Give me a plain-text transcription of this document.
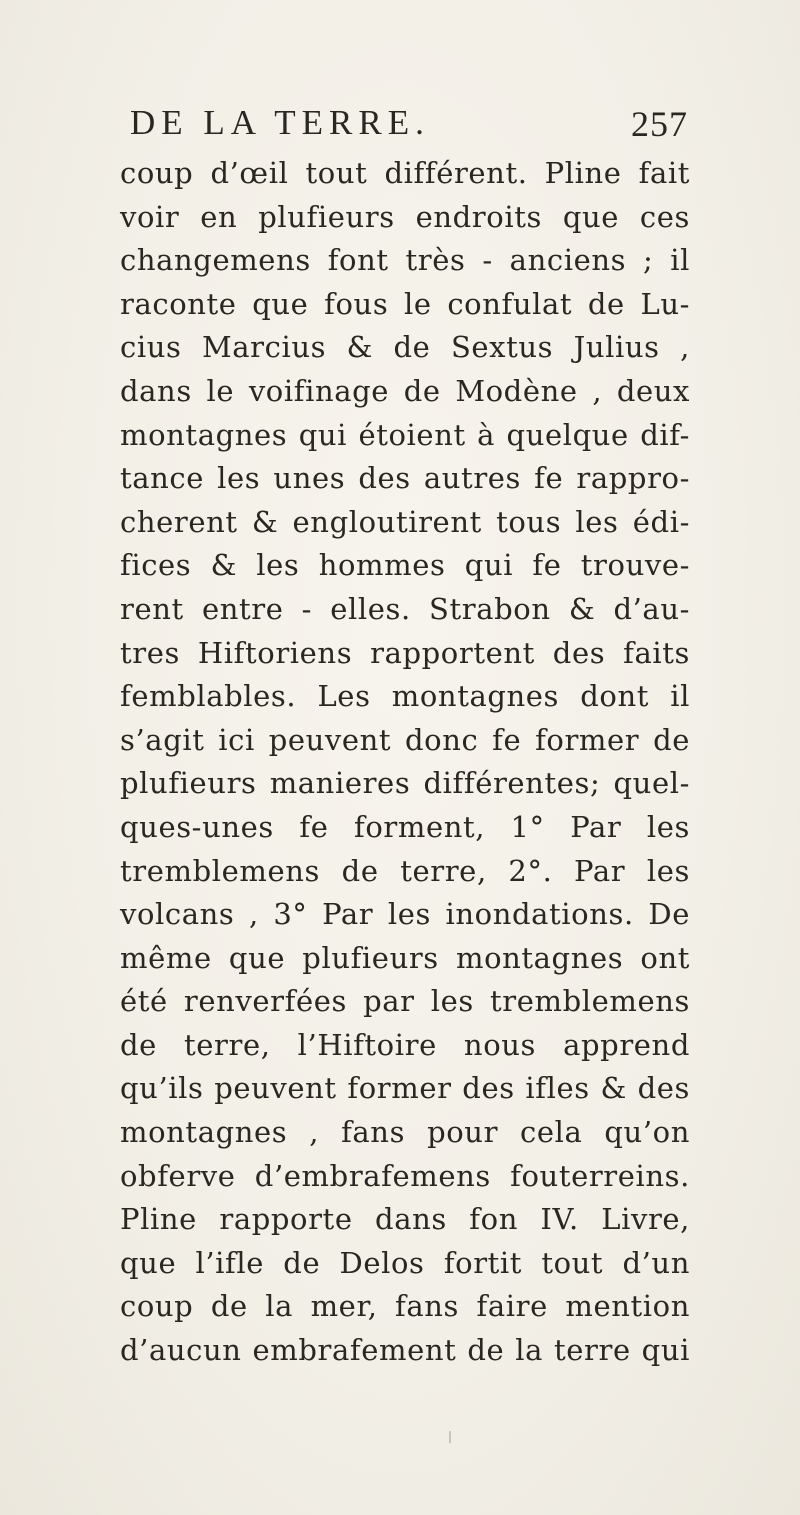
DE LA TERRE.	257
coup d’œil tout différent. Pline fait
voir en plufieurs endroits que ces
changemens font très - anciens ; il
raconte que fous le confulat de Lu-
cius Marcius & de Sextus Julius ,
dans le voifinage de Modène , deux
montagnes qui étoient à quelque dif-
tance les unes des autres fe rappro-
cherent & engloutirent tous les édi-
fices & les hommes qui fe trouve-
rent entre - elles. Strabon & d’au-
tres Hiftoriens rapportent des faits
femblables. Les montagnes dont il
s’agit ici peuvent donc fe former de
plufieurs manieres différentes; quel-
ques-unes fe forment, 1° Par les
tremblemens de terre, 2°. Par les
volcans , 3° Par les inondations. De
même que plufieurs montagnes ont
été renverfées par les tremblemens
de terre, l’Hiftoire nous apprend
qu’ils peuvent former des ifles & des
montagnes , fans pour cela qu’on
obferve d’embrafemens fouterreins.
Pline rapporte dans fon IV. Livre,
que l’ifle de Delos fortit tout d’un
coup de la mer, fans faire mention
d’aucun embrafement de la terre qui
